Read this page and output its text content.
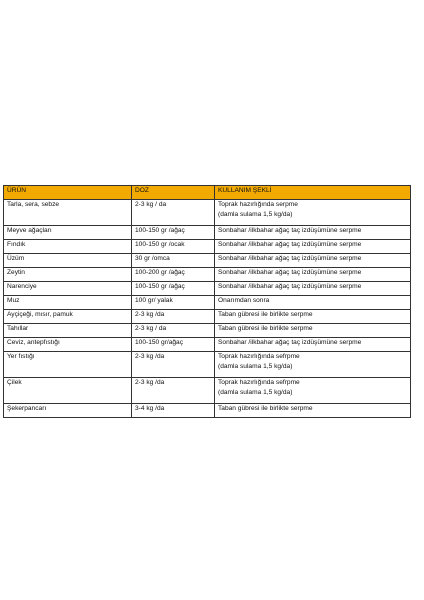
ÜRÜN	DOZ	KULLANIM ŞEKLİ
Tarla, sera, sebze	2-3 kg / da	Toprak hazırlığında serpme
(damla sulama 1,5 kg/da)

Meyve ağaçları	100-150 gr /ağaç	Sonbahar /ilkbahar ağaç taç izdüşümüne serpme
Fındık	100-150 gr /ocak	Sonbahar /ilkbahar ağaç taç izdüşümüne serpme
Üzüm	30 gr /omca	Sonbahar /ilkbahar ağaç taç izdüşümüne serpme
Zeytin	100-200 gr /ağaç	Sonbahar /ilkbahar ağaç taç izdüşümüne serpme
Narenciye	100-150 gr /ağaç	Sonbahar /ilkbahar ağaç taç izdüşümüne serpme
Muz	100 gr/ yalak	Onarımdan sonra
Ayçiçeği, mısır, pamuk	2-3 kg /da	Taban gübresi ile birlikte serpme
Tahıllar	2-3 kg / da	Taban gübresi ile birlikte serpme
Ceviz, antepfıstığı	100-150 gr/ağaç	Sonbahar /ilkbahar ağaç taç izdüşümüne serpme
Yer fıstığı	2-3 kg /da	Toprak hazırlığında sefrpme
(damla sulama 1,5 kg/da)

Çilek	2-3 kg /da	Toprak hazırlığında sefrpme
(damla sulama 1,5 kg/da)

Şekerpancarı	3-4 kg /da	Taban gübresi ile birlikte serpme
